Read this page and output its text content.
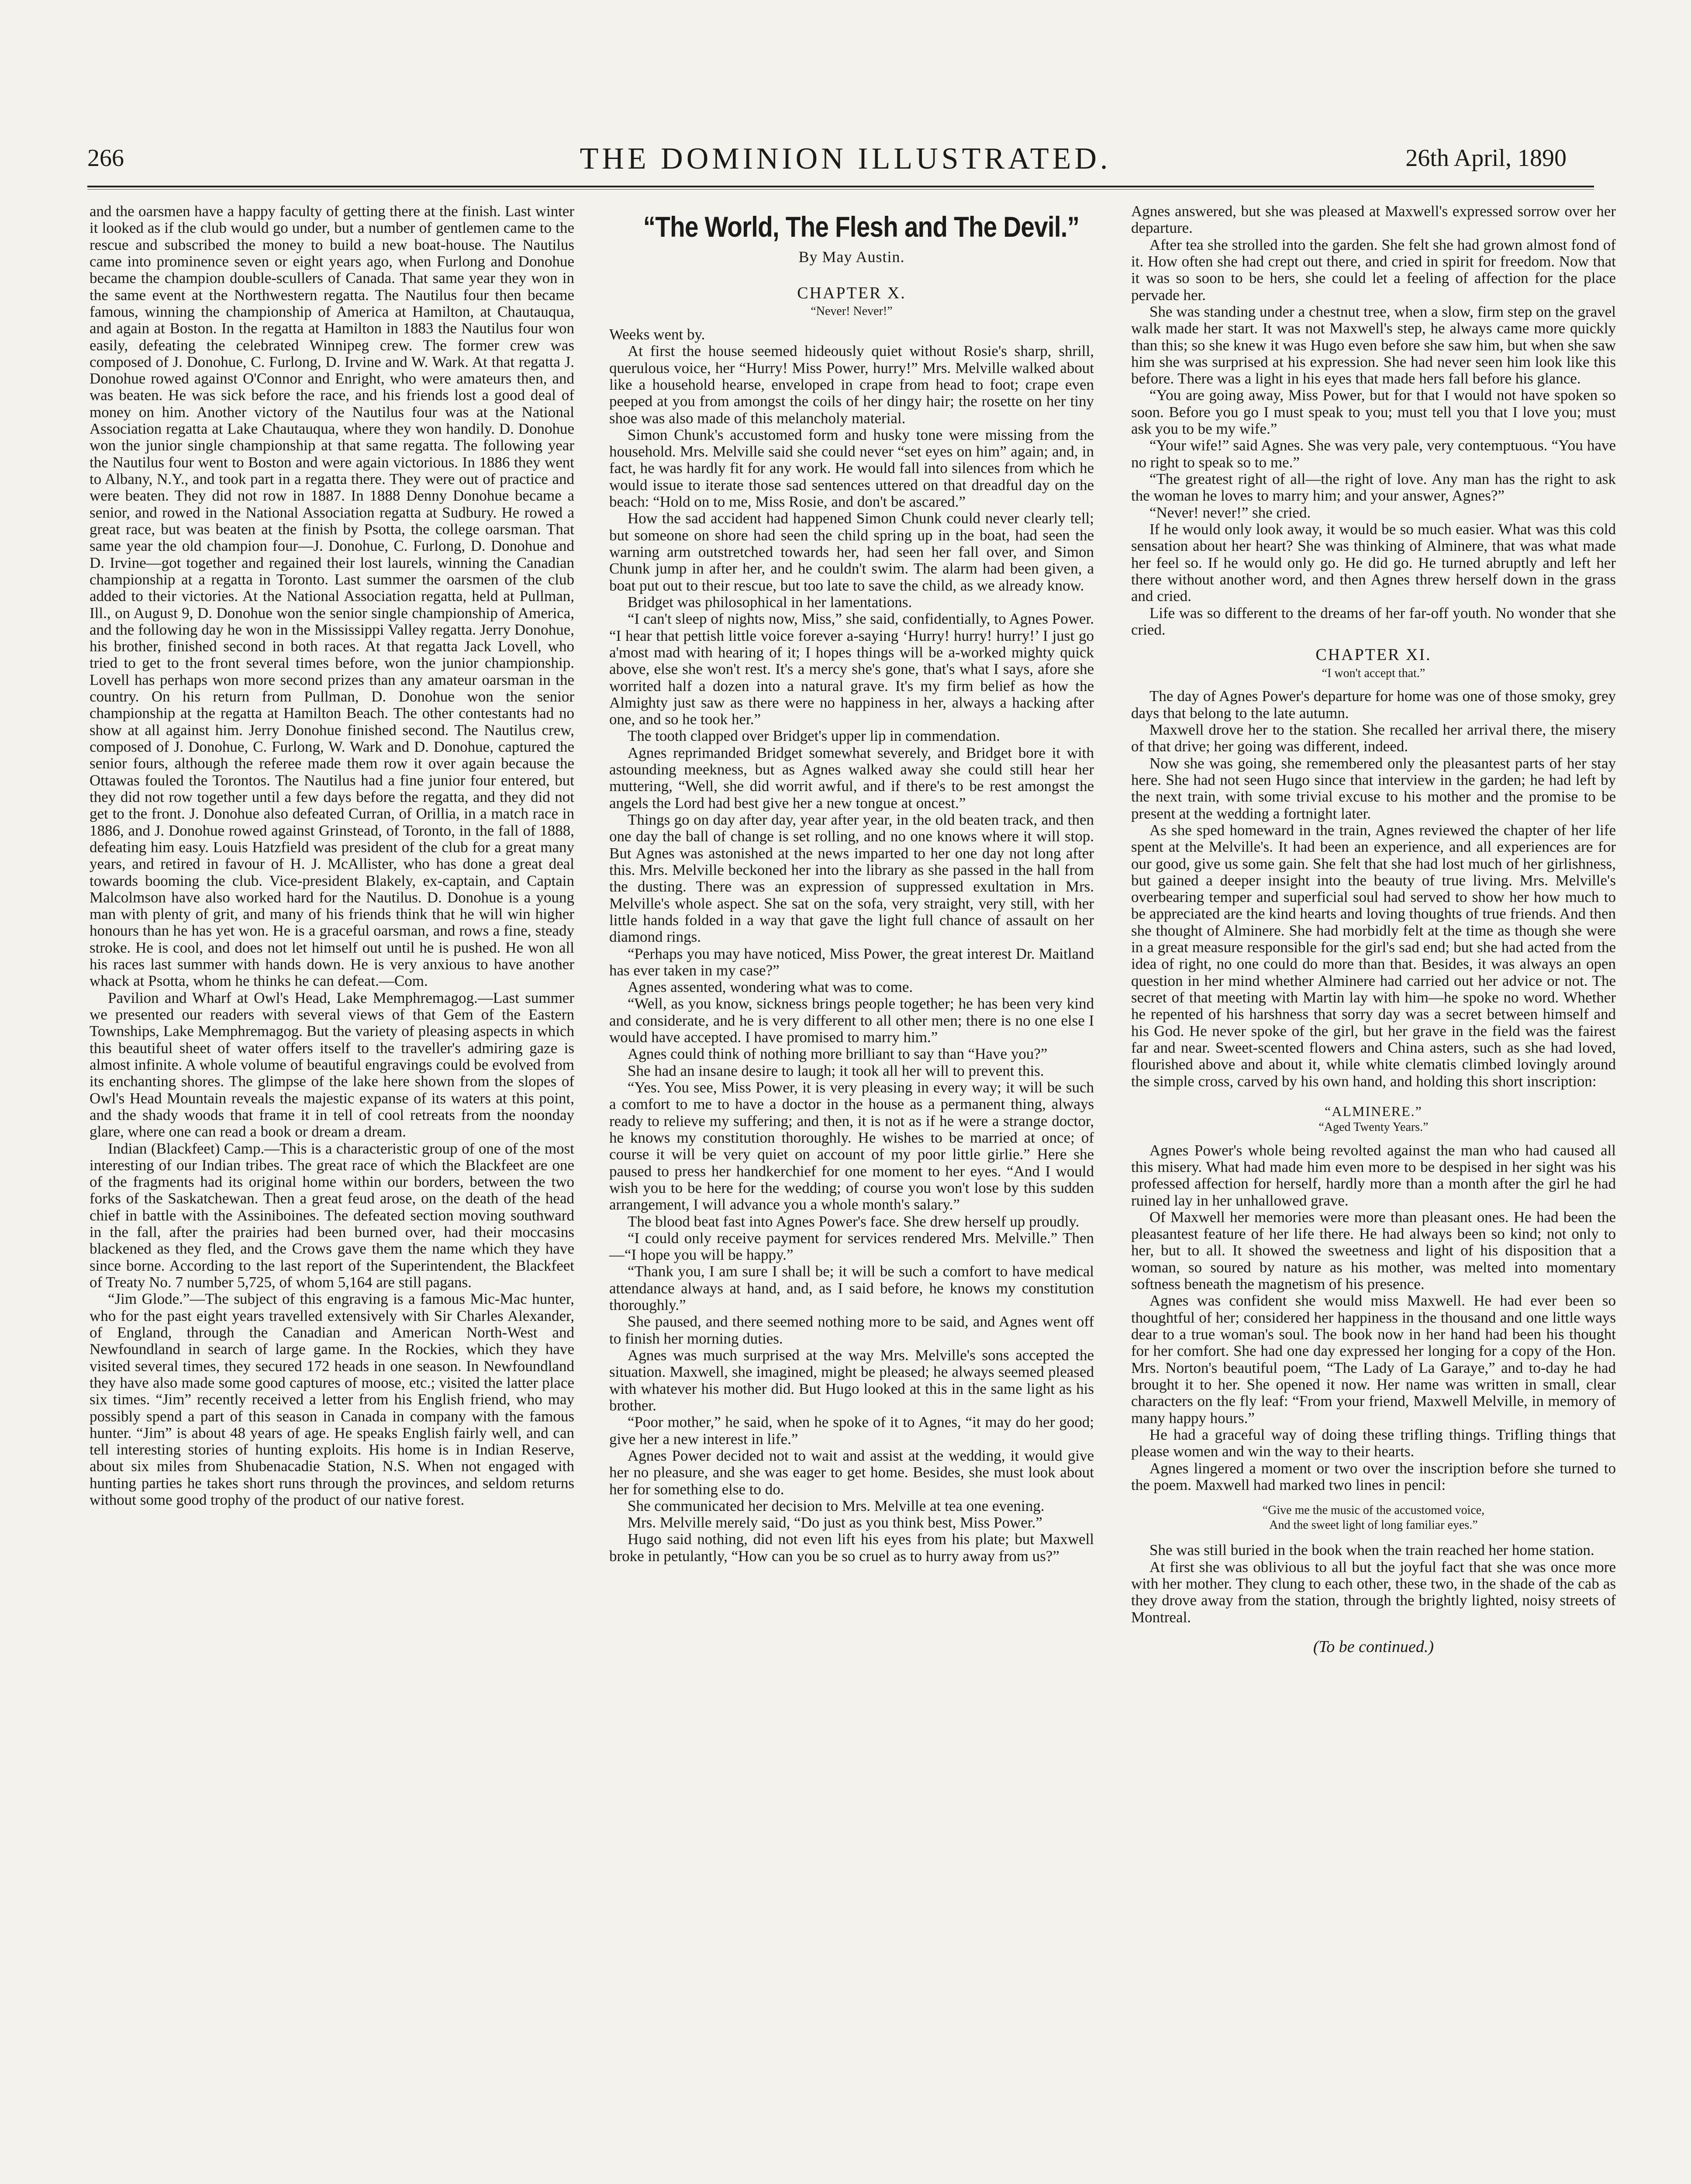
266	THE DOMINION ILLUSTRATED.	26th April, 1890

and the oarsmen have a happy faculty of getting there at the finish. Last winter it looked as if the club would go under, but a number of gentlemen came to the rescue and subscribed the money to build a new boat-house. The Nautilus came into prominence seven or eight years ago, when Furlong and Donohue became the champion double-scullers of Canada. That same year they won in the same event at the Northwestern regatta. The Nautilus four then became famous, winning the championship of America at Hamilton, at Chautauqua, and again at Boston. In the regatta at Hamilton in 1883 the Nautilus four won easily, defeating the celebrated Winnipeg crew. The former crew was composed of J. Donohue, C. Furlong, D. Irvine and W. Wark. At that regatta J. Donohue rowed against O'Connor and Enright, who were amateurs then, and was beaten. He was sick before the race, and his friends lost a good deal of money on him. Another victory of the Nautilus four was at the National Association regatta at Lake Chautauqua, where they won handily. D. Donohue won the junior single championship at that same regatta. The following year the Nautilus four went to Boston and were again victorious. In 1886 they went to Albany, N.Y., and took part in a regatta there. They were out of practice and were beaten. They did not row in 1887. In 1888 Denny Donohue became a senior, and rowed in the National Association regatta at Sudbury. He rowed a great race, but was beaten at the finish by Psotta, the college oarsman. That same year the old champion four—J. Donohue, C. Furlong, D. Donohue and D. Irvine—got together and regained their lost laurels, winning the Canadian championship at a regatta in Toronto. Last summer the oarsmen of the club added to their victories. At the National Association regatta, held at Pullman, Ill., on August 9, D. Donohue won the senior single championship of America, and the following day he won in the Mississippi Valley regatta. Jerry Donohue, his brother, finished second in both races. At that regatta Jack Lovell, who tried to get to the front several times before, won the junior championship. Lovell has perhaps won more second prizes than any amateur oarsman in the country. On his return from Pullman, D. Donohue won the senior championship at the regatta at Hamilton Beach. The other contestants had no show at all against him. Jerry Donohue finished second. The Nautilus crew, composed of J. Donohue, C. Furlong, W. Wark and D. Donohue, captured the senior fours, although the referee made them row it over again because the Ottawas fouled the Torontos. The Nautilus had a fine junior four entered, but they did not row together until a few days before the regatta, and they did not get to the front. J. Donohue also defeated Curran, of Orillia, in a match race in 1886, and J. Donohue rowed against Grinstead, of Toronto, in the fall of 1888, defeating him easy. Louis Hatzfield was president of the club for a great many years, and retired in favour of H. J. McAllister, who has done a great deal towards booming the club. Vice-president Blakely, ex-captain, and Captain Malcolmson have also worked hard for the Nautilus. D. Donohue is a young man with plenty of grit, and many of his friends think that he will win higher honours than he has yet won. He is a graceful oarsman, and rows a fine, steady stroke. He is cool, and does not let himself out until he is pushed. He won all his races last summer with hands down. He is very anxious to have another whack at Psotta, whom he thinks he can defeat.—Com.

Pavilion and Wharf at Owl's Head, Lake Memphremagog.—Last summer we presented our readers with several views of that Gem of the Eastern Townships, Lake Memphremagog. But the variety of pleasing aspects in which this beautiful sheet of water offers itself to the traveller's admiring gaze is almost infinite. A whole volume of beautiful engravings could be evolved from its enchanting shores. The glimpse of the lake here shown from the slopes of Owl's Head Mountain reveals the majestic expanse of its waters at this point, and the shady woods that frame it in tell of cool retreats from the noonday glare, where one can read a book or dream a dream.

Indian (Blackfeet) Camp.—This is a characteristic group of one of the most interesting of our Indian tribes. The great race of which the Blackfeet are one of the fragments had its original home within our borders, between the two forks of the Saskatchewan. Then a great feud arose, on the death of the head chief in battle with the Assiniboines. The defeated section moving southward in the fall, after the prairies had been burned over, had their moccasins blackened as they fled, and the Crows gave them the name which they have since borne. According to the last report of the Superintendent, the Blackfeet of Treaty No. 7 number 5,725, of whom 5,164 are still pagans.

“Jim Glode.”—The subject of this engraving is a famous Mic-Mac hunter, who for the past eight years travelled extensively with Sir Charles Alexander, of England, through the Canadian and American North-West and Newfoundland in search of large game. In the Rockies, which they have visited several times, they secured 172 heads in one season. In Newfoundland they have also made some good captures of moose, etc.; visited the latter place six times. “Jim” recently received a letter from his English friend, who may possibly spend a part of this season in Canada in company with the famous hunter. “Jim” is about 48 years of age. He speaks English fairly well, and can tell interesting stories of hunting exploits. His home is in Indian Reserve, about six miles from Shubenacadie Station, N.S. When not engaged with hunting parties he takes short runs through the provinces, and seldom returns without some good trophy of the product of our native forest.

“The World, The Flesh and The Devil.”
By May Austin.
CHAPTER X.
“Never! Never!”

Weeks went by.

At first the house seemed hideously quiet without Rosie's sharp, shrill, querulous voice, her “Hurry! Miss Power, hurry!” Mrs. Melville walked about like a household hearse, enveloped in crape from head to foot; crape even peeped at you from amongst the coils of her dingy hair; the rosette on her tiny shoe was also made of this melancholy material.

Simon Chunk's accustomed form and husky tone were missing from the household. Mrs. Melville said she could never “set eyes on him” again; and, in fact, he was hardly fit for any work. He would fall into silences from which he would issue to iterate those sad sentences uttered on that dreadful day on the beach: “Hold on to me, Miss Rosie, and don't be ascared.”

How the sad accident had happened Simon Chunk could never clearly tell; but someone on shore had seen the child spring up in the boat, had seen the warning arm outstretched towards her, had seen her fall over, and Simon Chunk jump in after her, and he couldn't swim. The alarm had been given, a boat put out to their rescue, but too late to save the child, as we already know.

Bridget was philosophical in her lamentations.

“I can't sleep of nights now, Miss,” she said, confidentially, to Agnes Power. “I hear that pettish little voice forever a-saying ‘Hurry! hurry! hurry!’ I just go a'most mad with hearing of it; I hopes things will be a-worked mighty quick above, else she won't rest. It's a mercy she's gone, that's what I says, afore she worrited half a dozen into a natural grave. It's my firm belief as how the Almighty just saw as there were no happiness in her, always a hacking after one, and so he took her.”

The tooth clapped over Bridget's upper lip in commendation.

Agnes reprimanded Bridget somewhat severely, and Bridget bore it with astounding meekness, but as Agnes walked away she could still hear her muttering, “Well, she did worrit awful, and if there's to be rest amongst the angels the Lord had best give her a new tongue at oncest.”

Things go on day after day, year after year, in the old beaten track, and then one day the ball of change is set rolling, and no one knows where it will stop. But Agnes was astonished at the news imparted to her one day not long after this. Mrs. Melville beckoned her into the library as she passed in the hall from the dusting. There was an expression of suppressed exultation in Mrs. Melville's whole aspect. She sat on the sofa, very straight, very still, with her little hands folded in a way that gave the light full chance of assault on her diamond rings.

“Perhaps you may have noticed, Miss Power, the great interest Dr. Maitland has ever taken in my case?”

Agnes assented, wondering what was to come.

“Well, as you know, sickness brings people together; he has been very kind and considerate, and he is very different to all other men; there is no one else I would have accepted. I have promised to marry him.”

Agnes could think of nothing more brilliant to say than “Have you?”

She had an insane desire to laugh; it took all her will to prevent this.

“Yes. You see, Miss Power, it is very pleasing in every way; it will be such a comfort to me to have a doctor in the house as a permanent thing, always ready to relieve my suffering; and then, it is not as if he were a strange doctor, he knows my constitution thoroughly. He wishes to be married at once; of course it will be very quiet on account of my poor little girlie.” Here she paused to press her handkerchief for one moment to her eyes. “And I would wish you to be here for the wedding; of course you won't lose by this sudden arrangement, I will advance you a whole month's salary.”

The blood beat fast into Agnes Power's face. She drew herself up proudly.

“I could only receive payment for services rendered Mrs. Melville.” Then—“I hope you will be happy.”

“Thank you, I am sure I shall be; it will be such a comfort to have medical attendance always at hand, and, as I said before, he knows my constitution thoroughly.”

She paused, and there seemed nothing more to be said, and Agnes went off to finish her morning duties.

Agnes was much surprised at the way Mrs. Melville's sons accepted the situation. Maxwell, she imagined, might be pleased; he always seemed pleased with whatever his mother did. But Hugo looked at this in the same light as his brother.

“Poor mother,” he said, when he spoke of it to Agnes, “it may do her good; give her a new interest in life.”

Agnes Power decided not to wait and assist at the wedding, it would give her no pleasure, and she was eager to get home. Besides, she must look about her for something else to do.

She communicated her decision to Mrs. Melville at tea one evening.

Mrs. Melville merely said, “Do just as you think best, Miss Power.”

Hugo said nothing, did not even lift his eyes from his plate; but Maxwell broke in petulantly, “How can you be so cruel as to hurry away from us?”

Agnes answered, but she was pleased at Maxwell's expressed sorrow over her departure.

After tea she strolled into the garden. She felt she had grown almost fond of it. How often she had crept out there, and cried in spirit for freedom. Now that it was so soon to be hers, she could let a feeling of affection for the place pervade her.

She was standing under a chestnut tree, when a slow, firm step on the gravel walk made her start. It was not Maxwell's step, he always came more quickly than this; so she knew it was Hugo even before she saw him, but when she saw him she was surprised at his expression. She had never seen him look like this before. There was a light in his eyes that made hers fall before his glance.

“You are going away, Miss Power, but for that I would not have spoken so soon. Before you go I must speak to you; must tell you that I love you; must ask you to be my wife.”

“Your wife!” said Agnes. She was very pale, very contemptuous. “You have no right to speak so to me.”

“The greatest right of all—the right of love. Any man has the right to ask the woman he loves to marry him; and your answer, Agnes?”

“Never! never!” she cried.

If he would only look away, it would be so much easier. What was this cold sensation about her heart? She was thinking of Alminere, that was what made her feel so. If he would only go. He did go. He turned abruptly and left her there without another word, and then Agnes threw herself down in the grass and cried.

Life was so different to the dreams of her far-off youth. No wonder that she cried.

CHAPTER XI.
“I won't accept that.”

The day of Agnes Power's departure for home was one of those smoky, grey days that belong to the late autumn.

Maxwell drove her to the station. She recalled her arrival there, the misery of that drive; her going was different, indeed.

Now she was going, she remembered only the pleasantest parts of her stay here. She had not seen Hugo since that interview in the garden; he had left by the next train, with some trivial excuse to his mother and the promise to be present at the wedding a fortnight later.

As she sped homeward in the train, Agnes reviewed the chapter of her life spent at the Melville's. It had been an experience, and all experiences are for our good, give us some gain. She felt that she had lost much of her girlishness, but gained a deeper insight into the beauty of true living. Mrs. Melville's overbearing temper and superficial soul had served to show her how much to be appreciated are the kind hearts and loving thoughts of true friends. And then she thought of Alminere. She had morbidly felt at the time as though she were in a great measure responsible for the girl's sad end; but she had acted from the idea of right, no one could do more than that. Besides, it was always an open question in her mind whether Alminere had carried out her advice or not. The secret of that meeting with Martin lay with him—he spoke no word. Whether he repented of his harshness that sorry day was a secret between himself and his God. He never spoke of the girl, but her grave in the field was the fairest far and near. Sweet-scented flowers and China asters, such as she had loved, flourished above and about it, while white clematis climbed lovingly around the simple cross, carved by his own hand, and holding this short inscription:

“ALMINERE.”
“Aged Twenty Years.”

Agnes Power's whole being revolted against the man who had caused all this misery. What had made him even more to be despised in her sight was his professed affection for herself, hardly more than a month after the girl he had ruined lay in her unhallowed grave.

Of Maxwell her memories were more than pleasant ones. He had been the pleasantest feature of her life there. He had always been so kind; not only to her, but to all. It showed the sweetness and light of his disposition that a woman, so soured by nature as his mother, was melted into momentary softness beneath the magnetism of his presence.

Agnes was confident she would miss Maxwell. He had ever been so thoughtful of her; considered her happiness in the thousand and one little ways dear to a true woman's soul. The book now in her hand had been his thought for her comfort. She had one day expressed her longing for a copy of the Hon. Mrs. Norton's beautiful poem, “The Lady of La Garaye,” and to-day he had brought it to her. She opened it now. Her name was written in small, clear characters on the fly leaf: “From your friend, Maxwell Melville, in memory of many happy hours.”

He had a graceful way of doing these trifling things. Trifling things that please women and win the way to their hearts.

Agnes lingered a moment or two over the inscription before she turned to the poem. Maxwell had marked two lines in pencil:

“Give me the music of the accustomed voice,
And the sweet light of long familiar eyes.”

She was still buried in the book when the train reached her home station.

At first she was oblivious to all but the joyful fact that she was once more with her mother. They clung to each other, these two, in the shade of the cab as they drove away from the station, through the brightly lighted, noisy streets of Montreal.

(To be continued.)
